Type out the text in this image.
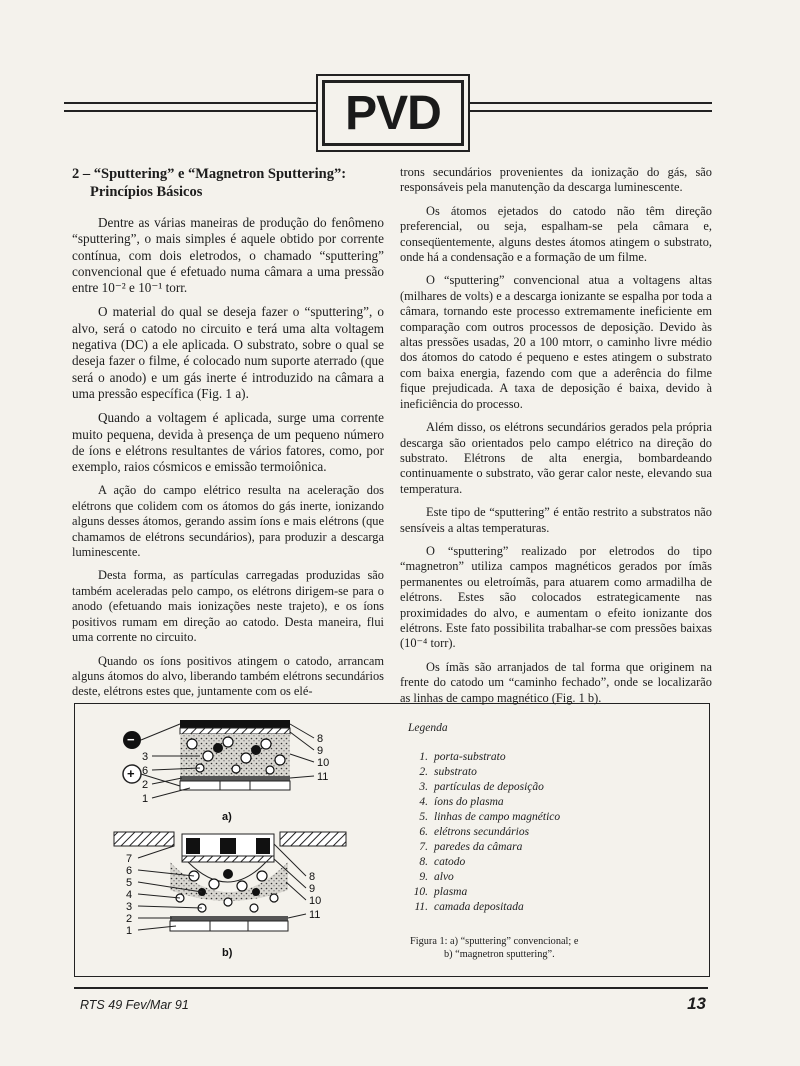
PVD
2 – “Sputtering” e “Magnetron Sputtering”: Princípios Básicos

Dentre as várias maneiras de produção do fenômeno “sputtering”, o mais simples é aquele obtido por corrente contínua, com dois eletrodos, o chamado “sputtering” convencional que é efetuado numa câmara a uma pressão entre 10⁻² e 10⁻¹ torr.

O material do qual se deseja fazer o “sputtering”, o alvo, será o catodo no circuito e terá uma alta voltagem negativa (DC) a ele aplicada. O substrato, sobre o qual se deseja fazer o filme, é colocado num suporte aterrado (que será o anodo) e um gás inerte é introduzido na câmara a uma pressão específica (Fig. 1 a).

Quando a voltagem é aplicada, surge uma corrente muito pequena, devida à presença de um pequeno número de íons e elétrons resultantes de vários fatores, como, por exemplo, raios cósmicos e emissão termoiônica.

A ação do campo elétrico resulta na aceleração dos elétrons que colidem com os átomos do gás inerte, ionizando alguns desses átomos, gerando assim íons e mais elétrons (que chamamos de elétrons secundários), para produzir a descarga luminescente.

Desta forma, as partículas carregadas produzidas são também aceleradas pelo campo, os elétrons dirigem-se para o anodo (efetuando mais ionizações neste trajeto), e os íons positivos rumam em direção ao catodo. Desta maneira, flui uma corrente no circuito.

Quando os íons positivos atingem o catodo, arrancam alguns átomos do alvo, liberando também elétrons secundários deste, elétrons estes que, juntamente com os elé-

trons secundários provenientes da ionização do gás, são responsáveis pela manutenção da descarga luminescente.

Os átomos ejetados do catodo não têm direção preferencial, ou seja, espalham-se pela câmara e, conseqüentemente, alguns destes átomos atingem o substrato, onde há a condensação e a formação de um filme.

O “sputtering” convencional atua a voltagens altas (milhares de volts) e a descarga ionizante se espalha por toda a câmara, tornando este processo extremamente ineficiente em comparação com outros processos de deposição. Devido às altas pressões usadas, 20 a 100 mtorr, o caminho livre médio dos átomos do catodo é pequeno e estes atingem o substrato com baixa energia, fazendo com que a aderência do filme fique prejudicada. A taxa de deposição é baixa, devido à ineficiência do processo.

Além disso, os elétrons secundários gerados pela própria descarga são orientados pelo campo elétrico na direção do substrato. Elétrons de alta energia, bombardeando continuamente o substrato, vão gerar calor neste, elevando sua temperatura.

Este tipo de “sputtering” é então restrito a substratos não sensíveis a altas temperaturas.

O “sputtering” realizado por eletrodos do tipo “magnetron” utiliza campos magnéticos gerados por ímãs permanentes ou eletroímãs, para atuarem como armadilha de elétrons. Estes são colocados estrategicamente nas proximidades do alvo, e aumentam o efeito ionizante dos elétrons. Este fato possibilita trabalhar-se com pressões baixas (10⁻⁴ torr).

Os ímãs são arranjados de tal forma que originem na frente do catodo um “caminho fechado”, onde se localizarão as linhas de campo magnético (Fig. 1 b).

−
+
3
6
2
1
8
9
10
11
a)
7
6
5
4
3
2
1
8
9
10
11
b)
Legenda
1. porta-substrato
2. substrato
3. partículas de deposição
4. íons do plasma
5. linhas de campo magnético
6. elétrons secundários
7. paredes da câmara
8. catodo
9. alvo
10. plasma
11. camada depositada
Figura 1: a) “sputtering” convencional; e
b) “magnetron sputtering”.
RTS 49 Fev/Mar 91	13
